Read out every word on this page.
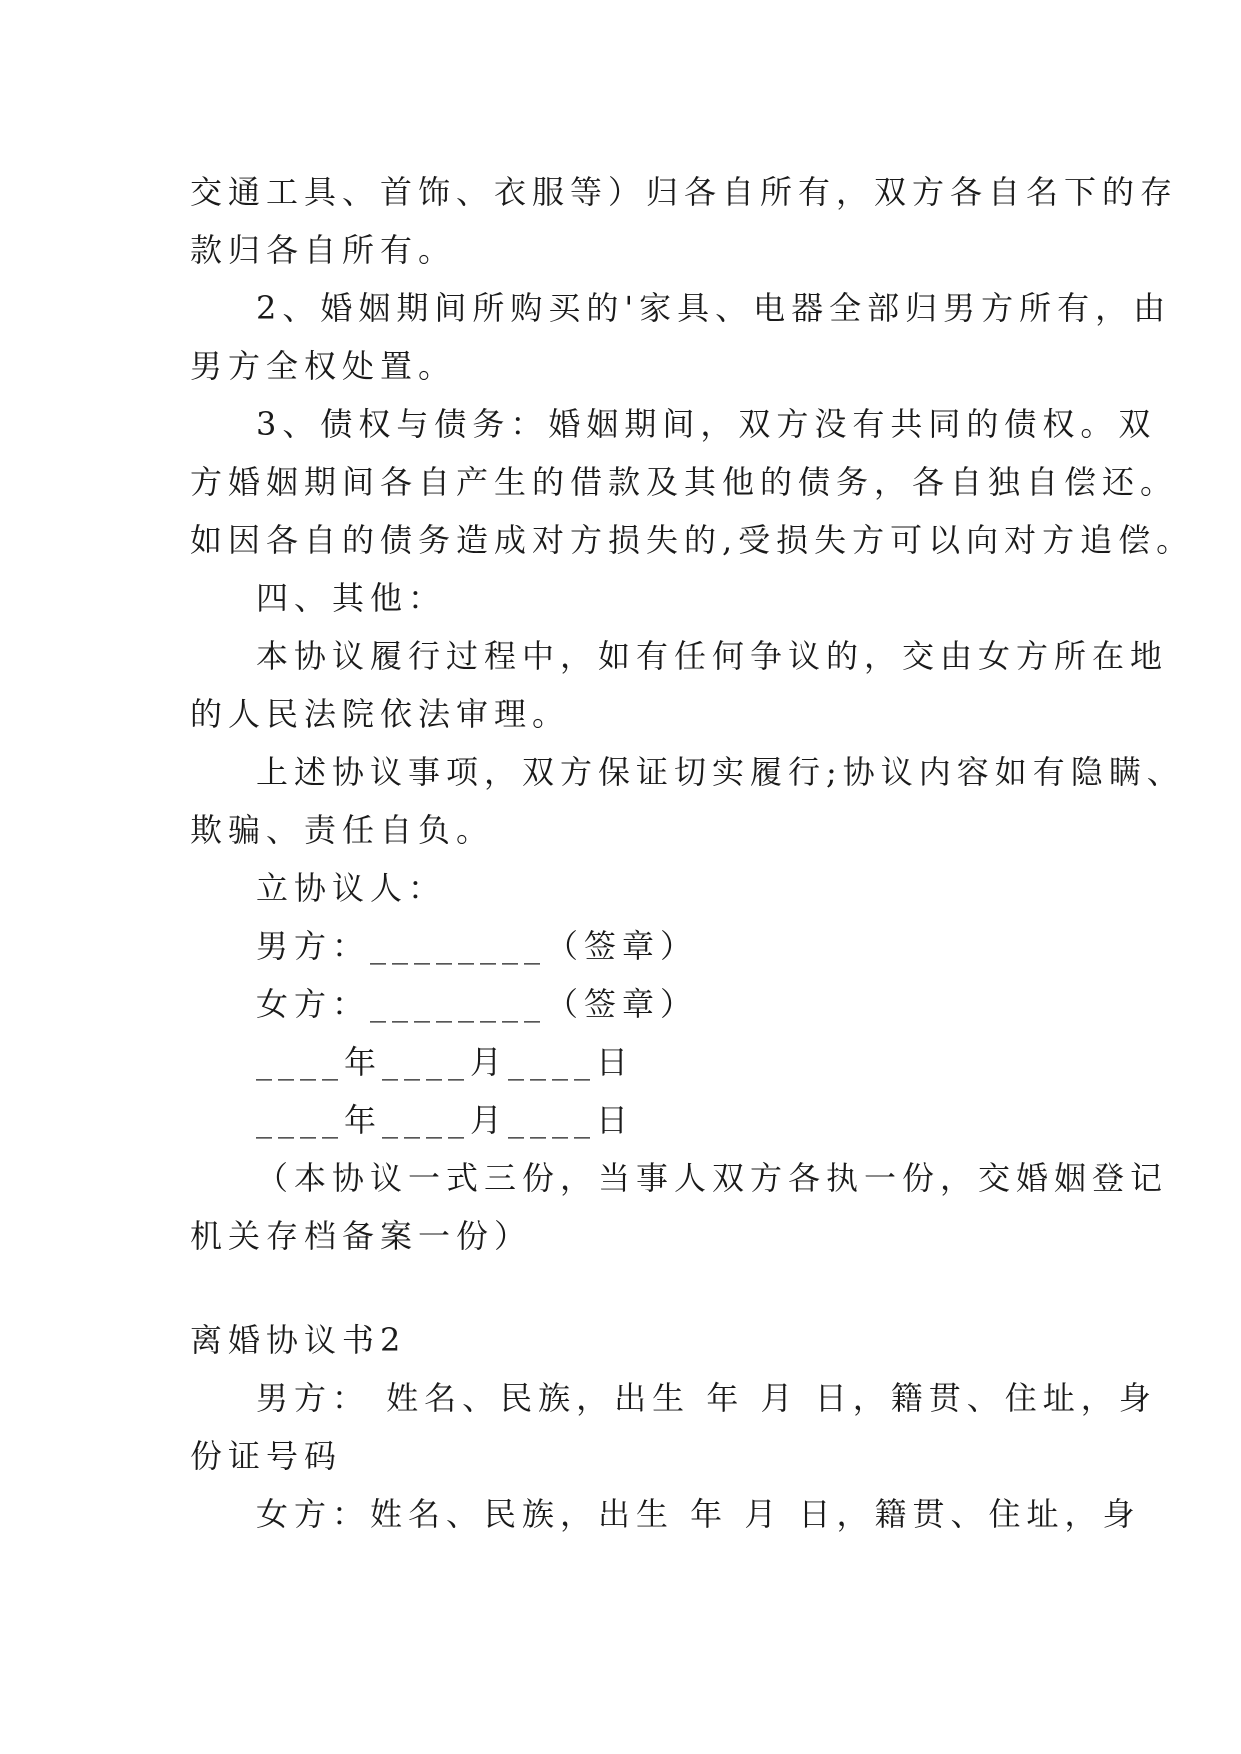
交通工具、首饰、衣服等）归各自所有，双方各自名下的存
款归各自所有。
2、婚姻期间所购买的'家具、电器全部归男方所有，由
男方全权处置。
3、债权与债务：婚姻期间，双方没有共同的债权。双
方婚姻期间各自产生的借款及其他的债务，各自独自偿还。
如因各自的债务造成对方损失的,受损失方可以向对方追偿。
四、其他：
本协议履行过程中，如有任何争议的，交由女方所在地
的人民法院依法审理。
上述协议事项，双方保证切实履行;协议内容如有隐瞒、
欺骗、责任自负。
立协议人：
男方：________（签章）
女方：________（签章）
____年____月____日
____年____月____日
（本协议一式三份，当事人双方各执一份，交婚姻登记
机关存档备案一份）
离婚协议书2
男方： 姓名、民族，出生 年 月 日，籍贯、住址，身
份证号码
女方：姓名、民族，出生 年 月 日，籍贯、住址，身
